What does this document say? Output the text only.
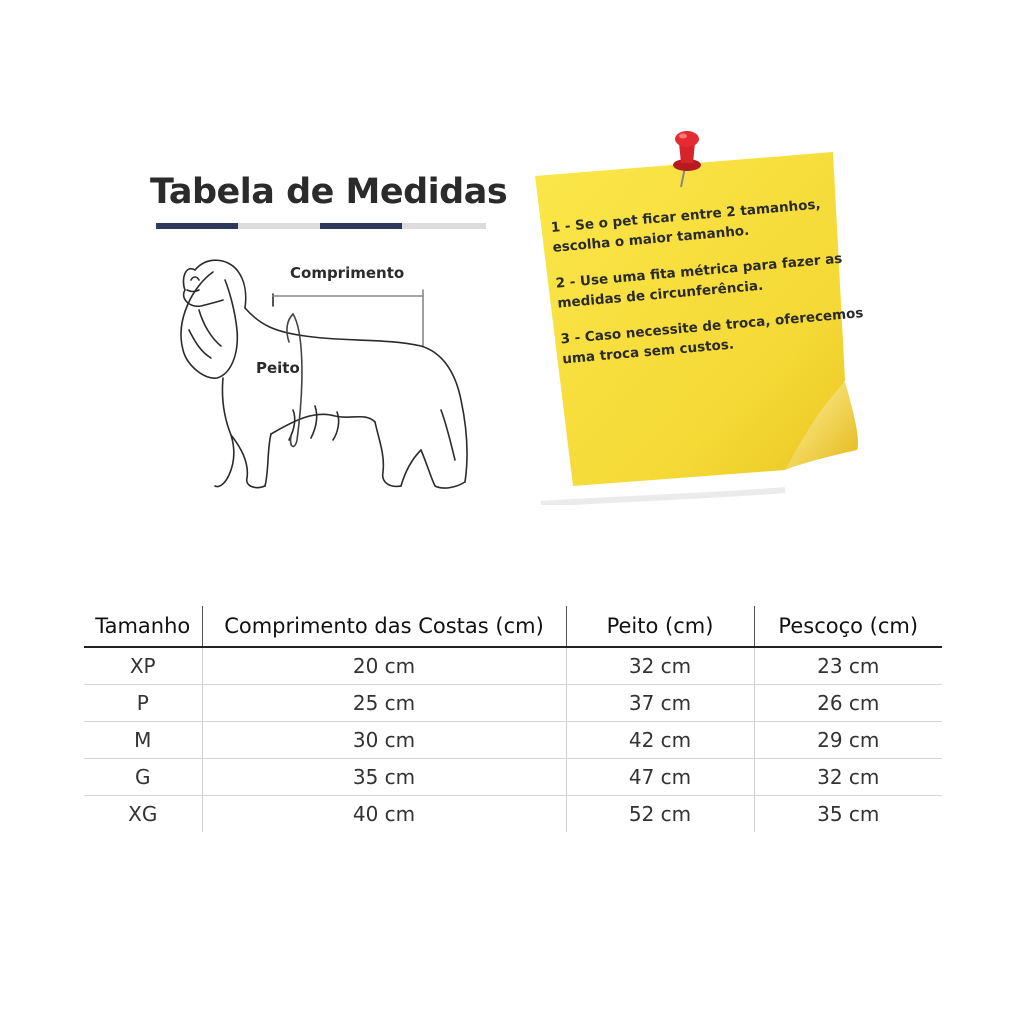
Tabela de Medidas
Comprimento
Peito

1 - Se o pet ficar entre 2 tamanhos, escolha o maior tamanho.

2 - Use uma fita métrica para fazer as medidas de circunferência.

3 - Caso necessite de troca, oferecemos uma troca sem custos.

Tamanho	Comprimento das Costas (cm)	Peito (cm)	Pescoço (cm)
XP	20 cm	32 cm	23 cm
P	25 cm	37 cm	26 cm
M	30 cm	42 cm	29 cm
G	35 cm	47 cm	32 cm
XG	40 cm	52 cm	35 cm
